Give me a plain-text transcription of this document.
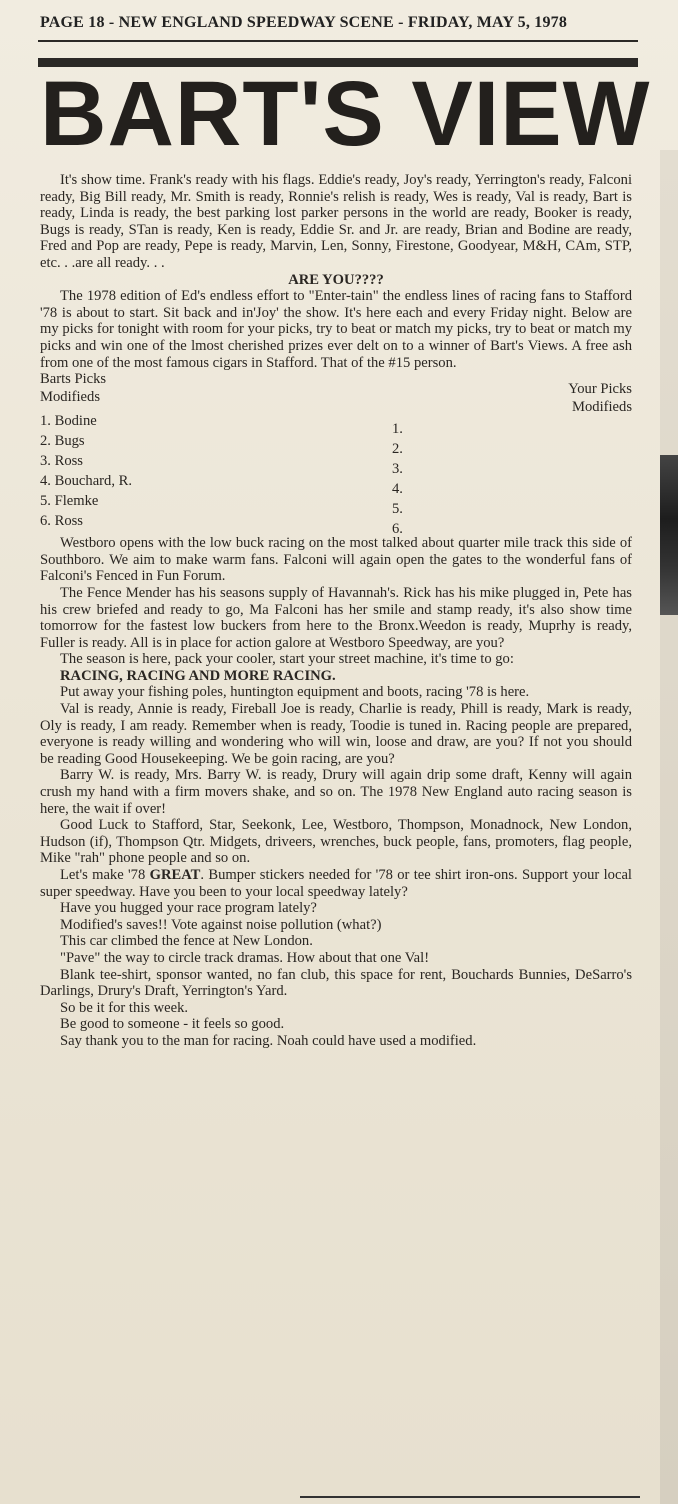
PAGE 18 - NEW ENGLAND SPEEDWAY SCENE - FRIDAY, MAY 5, 1978
BART'S VIEW

It's show time. Frank's ready with his flags. Eddie's ready, Joy's ready, Yerrington's ready, Falconi ready, Big Bill ready, Mr. Smith is ready, Ronnie's relish is ready, Wes is ready, Val is ready, Bart is ready, Linda is ready, the best parking lost parker persons in the world are ready, Booker is ready, Bugs is ready, STan is ready, Ken is ready, Eddie Sr. and Jr. are ready, Brian and Bodine are ready, Fred and Pop are ready, Pepe is ready, Marvin, Len, Sonny, Firestone, Goodyear, M&H, CAm, STP, etc. . .are all ready. . .

ARE YOU????

The 1978 edition of Ed's endless effort to "Enter-tain" the endless lines of racing fans to Stafford '78 is about to start. Sit back and in'Joy' the show. It's here each and every Friday night. Below are my picks for tonight with room for your picks, try to beat or match my picks, try to beat or match my picks and win one of the lmost cherished prizes ever delt on to a winner of Bart's Views. A free ash from one of the most famous cigars in Stafford. That of the #15 person.

Barts Picks
Modifieds	Your Picks
Modifieds
1. Bodine
2. Bugs
3. Ross
4. Bouchard, R.
5. Flemke
6. Ross
1.
2.
3.
4.
5.
6.

Westboro opens with the low buck racing on the most talked about quarter mile track this side of Southboro. We aim to make warm fans. Falconi will again open the gates to the wonderful fans of Falconi's Fenced in Fun Forum.

The Fence Mender has his seasons supply of Havannah's. Rick has his mike plugged in, Pete has his crew briefed and ready to go, Ma Falconi has her smile and stamp ready, it's also show time tomorrow for the fastest low buckers from here to the Bronx.Weedon is ready, Muprhy is ready, Fuller is ready. All is in place for action galore at Westboro Speedway, are you?

The season is here, pack your cooler, start your street machine, it's time to go:

RACING, RACING AND MORE RACING.

Put away your fishing poles, huntington equipment and boots, racing '78 is here.

Val is ready, Annie is ready, Fireball Joe is ready, Charlie is ready, Phill is ready, Mark is ready, Oly is ready, I am ready. Remember when is ready, Toodie is tuned in. Racing people are prepared, everyone is ready willing and wondering who will win, loose and draw, are you? If not you should be reading Good Housekeeping. We be goin racing, are you?

Barry W. is ready, Mrs. Barry W. is ready, Drury will again drip some draft, Kenny will again crush my hand with a firm movers shake, and so on. The 1978 New England auto racing season is here, the wait if over!

Good Luck to Stafford, Star, Seekonk, Lee, Westboro, Thompson, Monadnock, New London, Hudson (if), Thompson Qtr. Midgets, driveers, wrenches, buck people, fans, promoters, flag people, Mike "rah" phone people and so on.

Let's make '78 GREAT. Bumper stickers needed for '78 or tee shirt iron-ons. Support your local super speedway. Have you been to your local speedway lately?

Have you hugged your race program lately?

Modified's saves!! Vote against noise pollution (what?)

This car climbed the fence at New London.

"Pave" the way to circle track dramas. How about that one Val!

Blank tee-shirt, sponsor wanted, no fan club, this space for rent, Bouchards Bunnies, DeSarro's Darlings, Drury's Draft, Yerrington's Yard.

So be it for this week.

Be good to someone - it feels so good.

Say thank you to the man for racing. Noah could have used a modified.
